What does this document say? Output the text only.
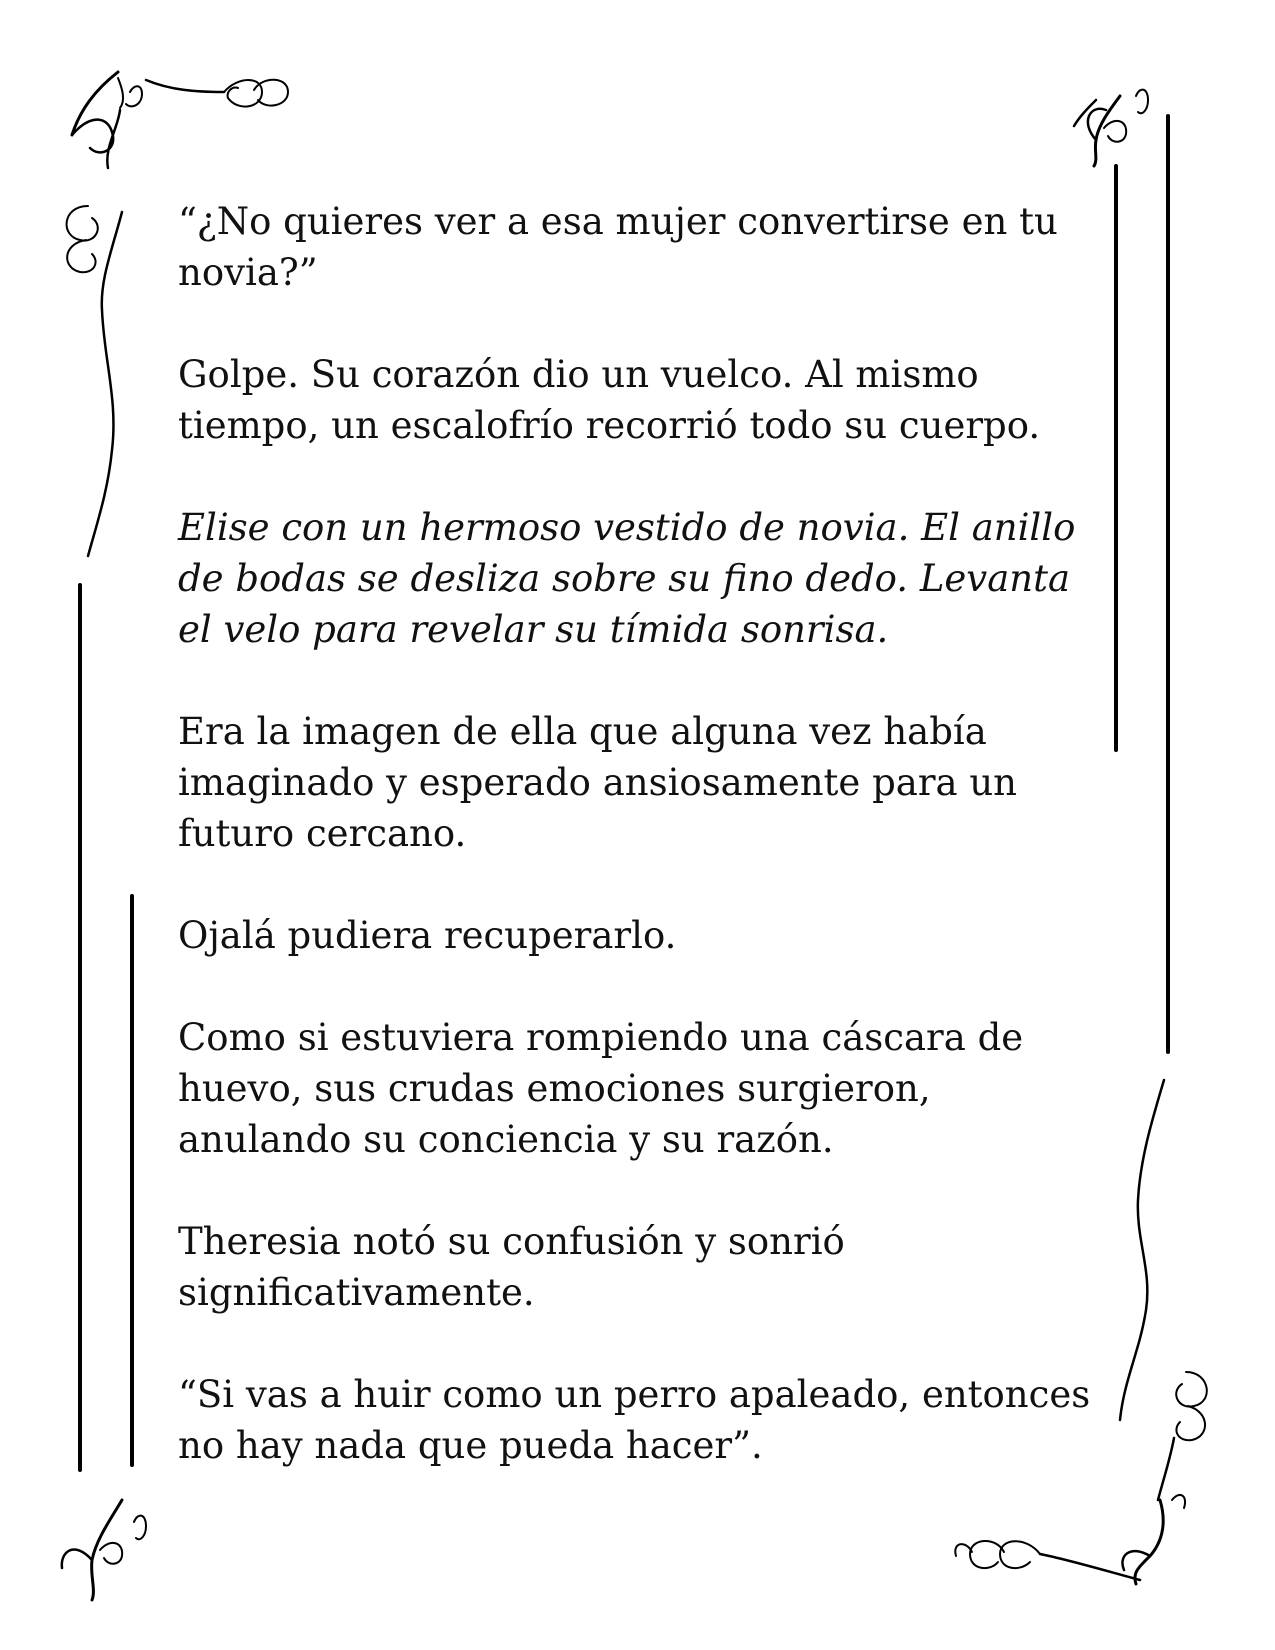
“¿No quieres ver a esa mujer convertirse en tu novia?”

Golpe. Su corazón dio un vuelco. Al mismo tiempo, un escalofrío recorrió todo su cuerpo.

Elise con un hermoso vestido de novia. El anillo de bodas se desliza sobre su fino dedo. Levanta el velo para revelar su tímida sonrisa.

Era la imagen de ella que alguna vez había imaginado y esperado ansiosamente para un futuro cercano.

Ojalá pudiera recuperarlo.

Como si estuviera rompiendo una cáscara de huevo, sus crudas emociones surgieron, anulando su conciencia y su razón.

Theresia notó su confusión y sonrió significativamente.

“Si vas a huir como un perro apaleado, entonces no hay nada que pueda hacer”.
